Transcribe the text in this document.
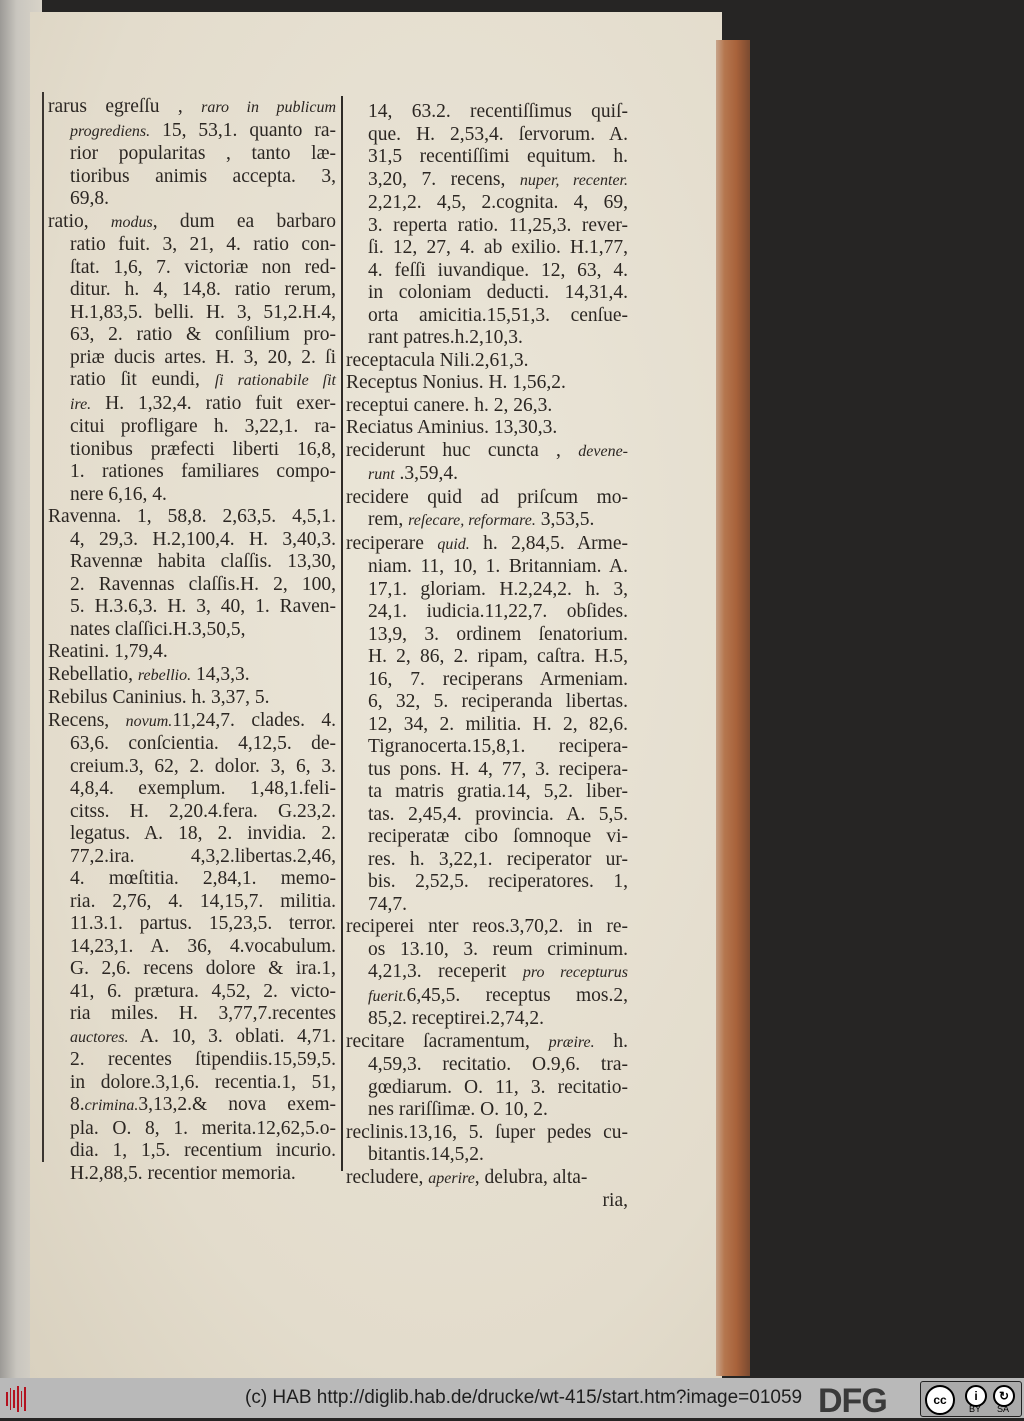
rarus egreſſu , raro in publicum
progrediens. 15, 53,1. quanto ra-
rior popularitas , tanto læ-
tioribus animis accepta. 3,
69,8.
ratio, modus, dum ea barbaro
ratio fuit. 3, 21, 4. ratio con-
ſtat. 1,6, 7. victoriæ non red-
ditur. h. 4, 14,8. ratio rerum,
H.1,83,5. belli. H. 3, 51,2.H.4,
63, 2. ratio & conſilium pro-
priæ ducis artes. H. 3, 20, 2. ſi
ratio ſit eundi, ſi rationabile ſit
ire. H. 1,32,4. ratio fuit exer-
citui profligare h. 3,22,1. ra-
tionibus præfecti liberti 16,8,
1. rationes familiares compo-
nere 6,16, 4.
Ravenna. 1, 58,8. 2,63,5. 4,5,1.
4, 29,3. H.2,100,4. H. 3,40,3.
Ravennæ habita claſſis. 13,30,
2. Ravennas claſſis.H. 2, 100,
5. H.3.6,3. H. 3, 40, 1. Raven-
nates claſſici.H.3,50,5,
Reatini. 1,79,4.
Rebellatio, rebellio. 14,3,3.
Rebilus Caninius. h. 3,37, 5.
Recens, novum.11,24,7. clades. 4.
63,6. conſcientia. 4,12,5. de-
creium.3, 62, 2. dolor. 3, 6, 3.
4,8,4. exemplum. 1,48,1.feli-
citss. H. 2,20.4.fera. G.23,2.
legatus. A. 18, 2. invidia. 2.
77,2.ira. 4,3,2.libertas.2,46,
4. mœſtitia. 2,84,1. memo-
ria. 2,76, 4. 14,15,7. militia.
11.3.1. partus. 15,23,5. terror.
14,23,1. A. 36, 4.vocabulum.
G. 2,6. recens dolore & ira.1,
41, 6. prætura. 4,52, 2. victo-
ria miles. H. 3,77,7.recentes
auctores. A. 10, 3. oblati. 4,71.
2. recentes ſtipendiis.15,59,5.
in dolore.3,1,6. recentia.1, 51,
8.crimina.3,13,2.& nova exem-
pla. O. 8, 1. merita.12,62,5.o-
dia. 1, 1,5. recentium incurio.
H.2,88,5. recentior memoria.
14, 63.2. recentiſſimus quiſ-
que. H. 2,53,4. ſervorum. A.
31,5 recentiſſimi equitum. h.
3,20, 7. recens, nuper, recenter.
2,21,2. 4,5, 2.cognita. 4, 69,
3. reperta ratio. 11,25,3. rever-
ſi. 12, 27, 4. ab exilio. H.1,77,
4. feſſi iuvandique. 12, 63, 4.
in coloniam deducti. 14,31,4.
orta amicitia.15,51,3. cenſue-
rant patres.h.2,10,3.
receptacula Nili.2,61,3.
Receptus Nonius. H. 1,56,2.
receptui canere. h. 2, 26,3.
Reciatus Aminius. 13,30,3.
reciderunt huc cuncta , devene-
runt .3,59,4.
recidere quid ad priſcum mo-
rem, reſecare, reformare. 3,53,5.
reciperare quid. h. 2,84,5. Arme-
niam. 11, 10, 1. Britanniam. A.
17,1. gloriam. H.2,24,2. h. 3,
24,1. iudicia.11,22,7. obſides.
13,9, 3. ordinem ſenatorium.
H. 2, 86, 2. ripam, caſtra. H.5,
16, 7. reciperans Armeniam.
6, 32, 5. reciperanda libertas.
12, 34, 2. militia. H. 2, 82,6.
Tigranocerta.15,8,1. recipera-
tus pons. H. 4, 77, 3. recipera-
ta matris gratia.14, 5,2. liber-
tas. 2,45,4. provincia. A. 5,5.
reciperatæ cibo ſomnoque vi-
res. h. 3,22,1. reciperator ur-
bis. 2,52,5. reciperatores. 1,
74,7.
reciperei nter reos.3,70,2. in re-
os 13.10, 3. reum criminum.
4,21,3. receperit pro recepturus
fuerit.6,45,5. receptus mos.2,
85,2. receptirei.2,74,2.
recitare ſacramentum, præire. h.
4,59,3. recitatio. O.9,6. tra-
gœdiarum. O. 11, 3. recitatio-
nes rariſſimæ. O. 10, 2.
reclinis.13,16, 5. ſuper pedes cu-
bitantis.14,5,2.
recludere, aperire, delubra, alta-
ria,
(c) HAB http://diglib.hab.de/drucke/wt-415/start.htm?image=01059 DFG	cc	i	↻
BY SA
